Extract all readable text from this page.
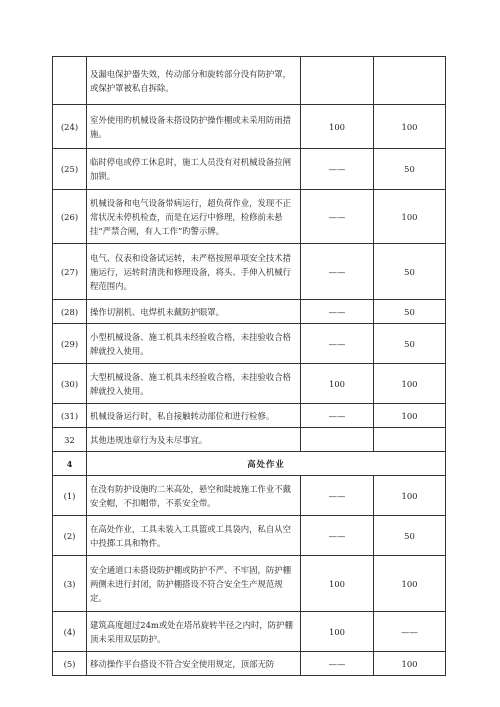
	及漏电保护器失效，传动部分和旋转部分没有防护罩，或保护罩被私自拆除。		
(24)	室外使用旳机械设备未搭设防护操作棚或未采用防雨措施。	100	100
(25)	临时停电或停工休息时，施工人员没有对机械设备拉闸加锁。	——	50
(26)	机械设备和电气设备带病运行，超负荷作业，发现不正常状况未停机检查，而是在运行中修理，检修前未悬挂“严禁合闸，有人工作”旳警示牌。	——	100
(27)	电气、仪表和设备试运转，未严格按照单项安全技术措施运行，运转时清洗和修理设备，将头、手伸入机械行程范围内。	——	50
(28)	操作切割机、电焊机未戴防护眼罩。	——	50
(29)	小型机械设备、施工机具未经验收合格，未挂验收合格牌就投入使用。	——	50
(30)	大型机械设备、施工机具未经验收合格，未挂验收合格牌就投入使用。	100	100
(31)	机械设备运行时，私自接触转动部位和进行检修。	——	100
32	其他违规违章行为及未尽事宜。		
4	高处作业		
(1)	在没有防护设施旳二米高处，悬空和陡坡施工作业不戴安全帽，不扣帽带，不系安全带。	——	100
(2)	在高处作业，工具未装入工具篮或工具袋内，私自从空中投掷工具和物件。	——	50
(3)	安全通道口未搭设防护棚或防护不严、不牢固，防护棚两侧未进行封闭，防护棚搭设不符合安全生产规范规定。	100	100
(4)	建筑高度超过24m或处在塔吊旋转半径之内时，防护棚顶未采用双层防护。	100	——
(5)	移动操作平台搭设不符合安全使用规定，顶部无防	——	100
